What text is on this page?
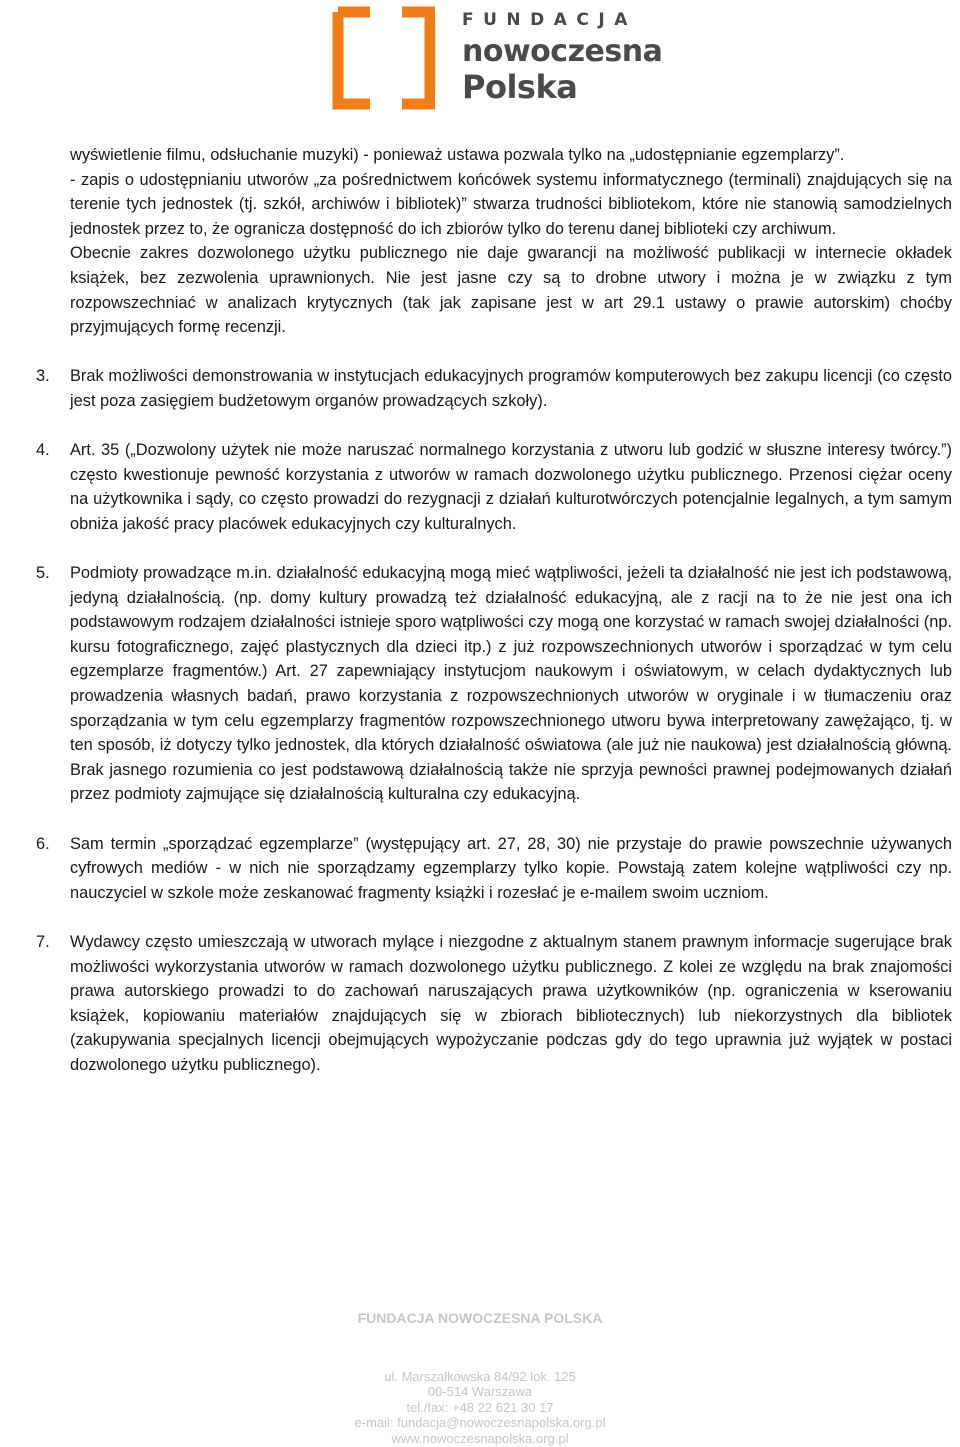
FUNDACJA
nowoczesna
Polska

wyświetlenie filmu, odsłuchanie muzyki) - ponieważ ustawa pozwala tylko na „udostępnianie egzemplarzy”.

- zapis o udostępnianiu utworów „za pośrednictwem końcówek systemu informatycznego (terminali) znajdujących się na terenie tych jednostek (tj. szkół, archiwów i bibliotek)” stwarza trudności bibliotekom, które nie stanowią samodzielnych jednostek przez to, że ogranicza dostępność do ich zbiorów tylko do terenu danej biblioteki czy archiwum.

Obecnie zakres dozwolonego użytku publicznego nie daje gwarancji na możliwość publikacji w internecie okładek książek, bez zezwolenia uprawnionych. Nie jest jasne czy są to drobne utwory i można je w związku z tym rozpowszechniać w analizach krytycznych (tak jak zapisane jest w art 29.1 ustawy o prawie autorskim) choćby przyjmujących formę recenzji.

3. Brak możliwości demonstrowania w instytucjach edukacyjnych programów komputerowych bez zakupu licencji (co często jest poza zasięgiem budżetowym organów prowadzących szkoły).

4. Art. 35 („Dozwolony użytek nie może naruszać normalnego korzystania z utworu lub godzić w słuszne interesy twórcy.”) często kwestionuje pewność korzystania z utworów w ramach dozwolonego użytku publicznego. Przenosi ciężar oceny na użytkownika i sądy, co często prowadzi do rezygnacji z działań kulturotwórczych potencjalnie legalnych, a tym samym obniża jakość pracy placówek edukacyjnych czy kulturalnych.

5. Podmioty prowadzące m.in. działalność edukacyjną mogą mieć wątpliwości, jeżeli ta działalność nie jest ich podstawową, jedyną działalnością. (np. domy kultury prowadzą też działalność edukacyjną, ale z racji na to że nie jest ona ich podstawowym rodzajem działalności istnieje sporo wątpliwości czy mogą one korzystać w ramach swojej działalności (np. kursu fotograficznego, zajęć plastycznych dla dzieci itp.) z już rozpowszechnionych utworów i sporządzać w tym celu egzemplarze fragmentów.) Art. 27 zapewniający instytucjom naukowym i oświatowym, w celach dydaktycznych lub prowadzenia własnych badań, prawo korzystania z rozpowszechnionych utworów w oryginale i w tłumaczeniu oraz sporządzania w tym celu egzemplarzy fragmentów rozpowszechnionego utworu bywa interpretowany zawężająco, tj. w ten sposób, iż dotyczy tylko jednostek, dla których działalność oświatowa (ale już nie naukowa) jest działalnością główną. Brak jasnego rozumienia co jest podstawową działalnością także nie sprzyja pewności prawnej podejmowanych działań przez podmioty zajmujące się działalnością kulturalna czy edukacyjną.

6. Sam termin „sporządzać egzemplarze” (występujący art. 27, 28, 30) nie przystaje do prawie powszechnie używanych cyfrowych mediów - w nich nie sporządzamy egzemplarzy tylko kopie. Powstają zatem kolejne wątpliwości czy np. nauczyciel w szkole może zeskanować fragmenty książki i rozesłać je e-mailem swoim uczniom.

7. Wydawcy często umieszczają w utworach mylące i niezgodne z aktualnym stanem prawnym informacje sugerujące brak możliwości wykorzystania utworów w ramach dozwolonego użytku publicznego. Z kolei ze względu na brak znajomości prawa autorskiego prowadzi to do zachowań naruszających prawa użytkowników (np. ograniczenia w kserowaniu książek, kopiowaniu materiałów znajdujących się w zbiorach bibliotecznych) lub niekorzystnych dla bibliotek (zakupywania specjalnych licencji obejmujących wypożyczanie podczas gdy do tego uprawnia już wyjątek w postaci dozwolonego użytku publicznego).

FUNDACJA NOWOCZESNA POLSKA
ul. Marszałkowska 84/92 lok. 125
00-514 Warszawa
tel./fax: +48 22 621 30 17
e-mail: fundacja@nowoczesnapolska.org.pl
www.nowoczesnapolska.org.pl
